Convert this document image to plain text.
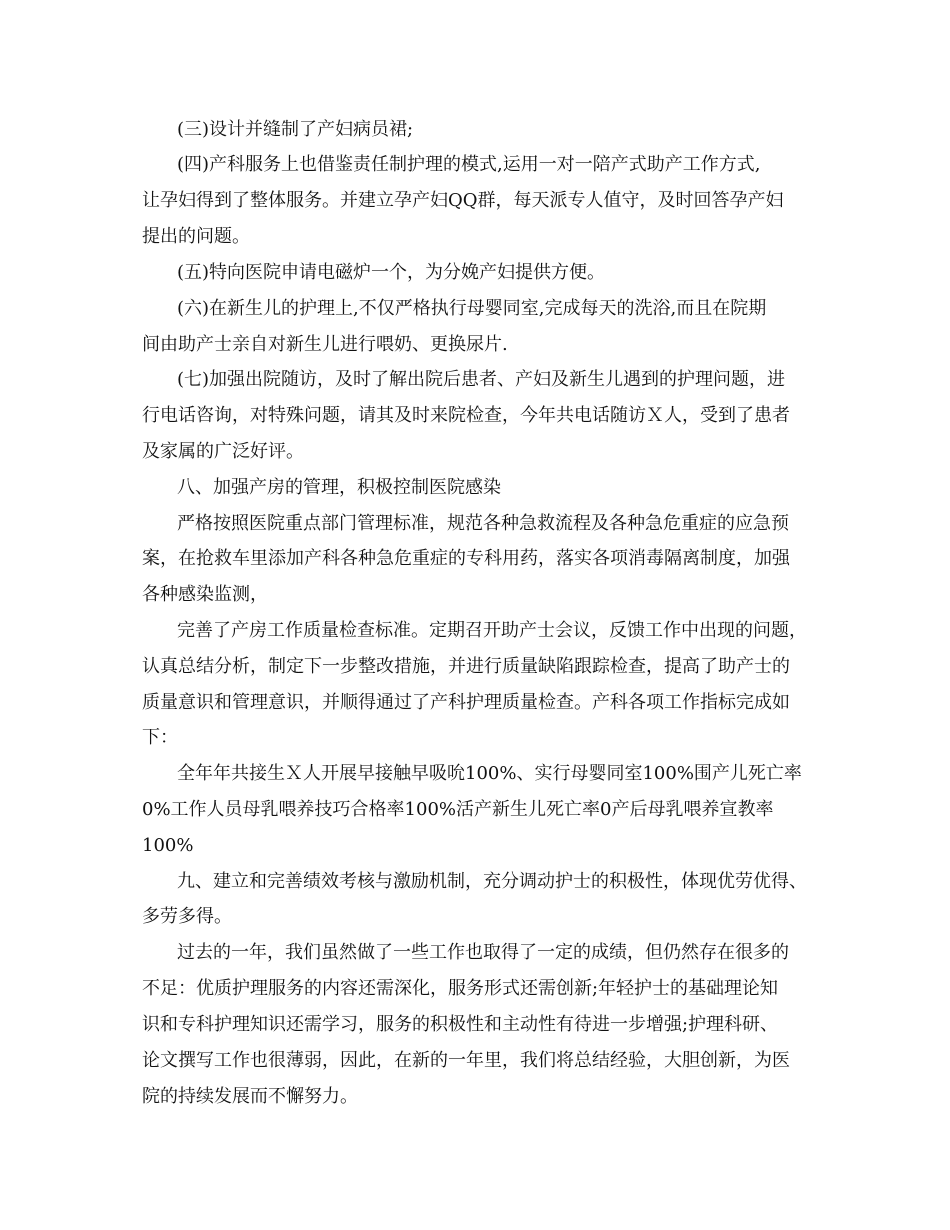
(三)设计并缝制了产妇病员裙;
(四)产科服务上也借鉴责任制护理的模式,运用一对一陪产式助产工作方式,
让孕妇得到了整体服务。并建立孕产妇QQ群，每天派专人值守，及时回答孕产妇
提出的问题。
(五)特向医院申请电磁炉一个，为分娩产妇提供方便。
(六)在新生儿的护理上,不仅严格执行母婴同室,完成每天的洗浴,而且在院期
间由助产士亲自对新生儿进行喂奶、更换尿片.
(七)加强出院随访，及时了解出院后患者、产妇及新生儿遇到的护理问题，进
行电话咨询，对特殊问题，请其及时来院检查，今年共电话随访Ｘ人，受到了患者
及家属的广泛好评。
八、加强产房的管理，积极控制医院感染
严格按照医院重点部门管理标准，规范各种急救流程及各种急危重症的应急预
案，在抢救车里添加产科各种急危重症的专科用药，落实各项消毒隔离制度，加强
各种感染监测，
完善了产房工作质量检查标准。定期召开助产士会议，反馈工作中出现的问题，
认真总结分析，制定下一步整改措施，并进行质量缺陷跟踪检查，提高了助产士的
质量意识和管理意识，并顺得通过了产科护理质量检查。产科各项工作指标完成如
下：
全年年共接生Ｘ人开展早接触早吸吮100%、实行母婴同室100%围产儿死亡率
0%工作人员母乳喂养技巧合格率100%活产新生儿死亡率0产后母乳喂养宣教率
100%
九、建立和完善绩效考核与激励机制，充分调动护士的积极性，体现优劳优得、
多劳多得。
过去的一年，我们虽然做了一些工作也取得了一定的成绩，但仍然存在很多的
不足：优质护理服务的内容还需深化，服务形式还需创新;年轻护士的基础理论知
识和专科护理知识还需学习，服务的积极性和主动性有待进一步增强;护理科研、
论文撰写工作也很薄弱，因此，在新的一年里，我们将总结经验，大胆创新，为医
院的持续发展而不懈努力。
